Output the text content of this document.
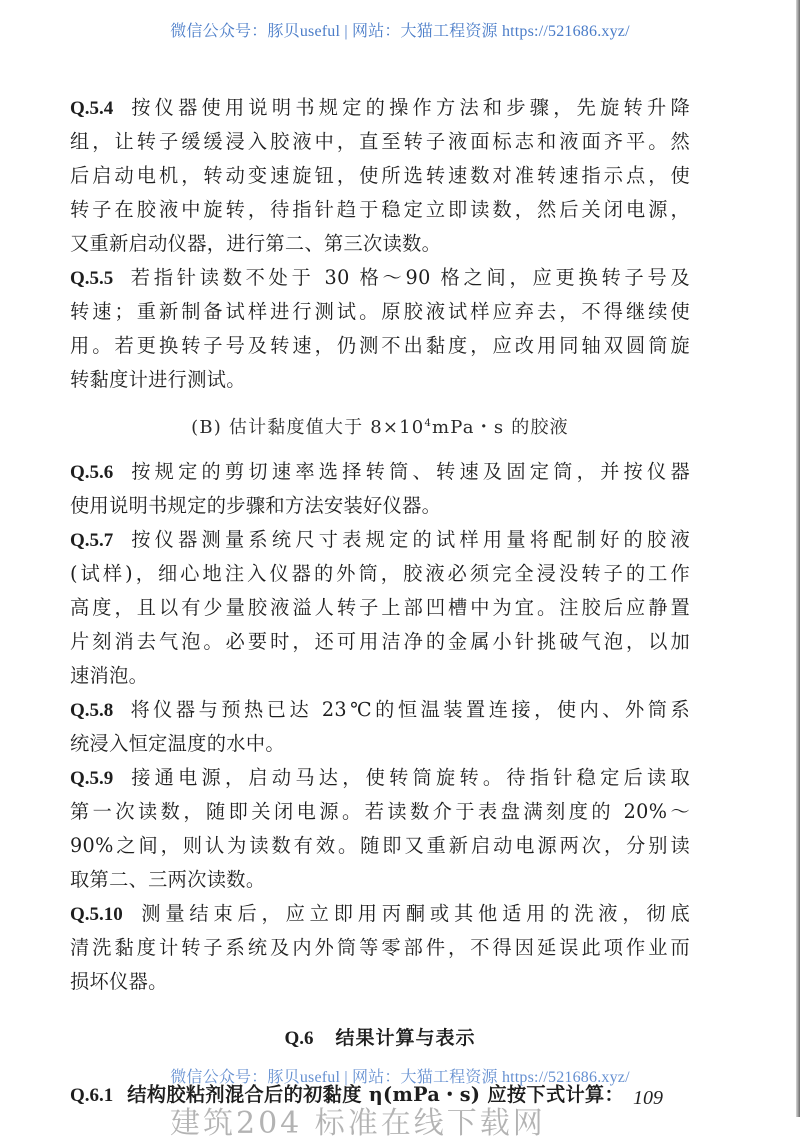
微信公众号：豚贝useful | 网站：大猫工程资源 https://521686.xyz/
Q.5.4 按仪器使用说明书规定的操作方法和步骤，先旋转升降
组，让转子缓缓浸入胶液中，直至转子液面标志和液面齐平。然
后启动电机，转动变速旋钮，使所选转速数对准转速指示点，使
转子在胶液中旋转，待指针趋于稳定立即读数，然后关闭电源，
又重新启动仪器，进行第二、第三次读数。
Q.5.5 若指针读数不处于 30 格～90 格之间，应更换转子号及
转速；重新制备试样进行测试。原胶液试样应弃去，不得继续使
用。若更换转子号及转速，仍测不出黏度，应改用同轴双圆筒旋
转黏度计进行测试。
(B) 估计黏度值大于 $8\times 10^4mPa$・s 的胶液
Q.5.6 按规定的剪切速率选择转筒、转速及固定筒，并按仪器
使用说明书规定的步骤和方法安装好仪器。
Q.5.7 按仪器测量系统尺寸表规定的试样用量将配制好的胶液
(试样)，细心地注入仪器的外筒，胶液必须完全浸没转子的工作
高度，且以有少量胶液溢人转子上部凹槽中为宜。注胶后应静置
片刻消去气泡。必要时，还可用洁净的金属小针挑破气泡，以加
速消泡。
Q.5.8 将仪器与预热已达 23℃的恒温装置连接，使内、外筒系
统浸入恒定温度的水中。
Q.5.9 接通电源，启动马达，使转筒旋转。待指针稳定后读取
第一次读数，随即关闭电源。若读数介于表盘满刻度的 20%～
90%之间，则认为读数有效。随即又重新启动电源两次，分别读
取第二、三两次读数。
Q.5.10 测量结束后，应立即用丙酮或其他适用的洗液，彻底
清洗黏度计转子系统及内外筒等零部件，不得因延误此项作业而
损坏仪器。
Q.6 结果计算与表示
Q.6.1 结构胶粘剂混合后的初黏度 η(mPa・s) 应按下式计算：
微信公众号：豚贝useful | 网站：大猫工程资源 https://521686.xyz/
109
建筑204 标准在线下载网
